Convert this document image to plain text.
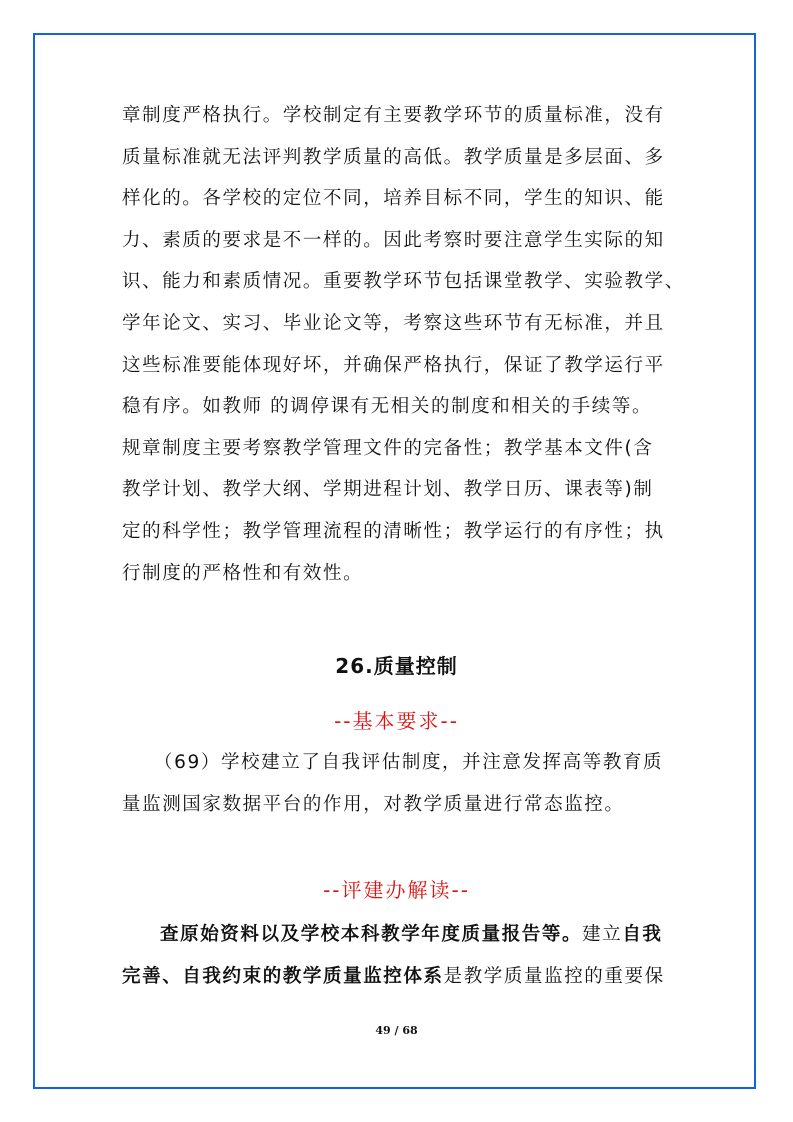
章制度严格执行。学校制定有主要教学环节的质量标准，没有
质量标准就无法评判教学质量的高低。教学质量是多层面、多
样化的。各学校的定位不同，培养目标不同，学生的知识、能
力、素质的要求是不一样的。因此考察时要注意学生实际的知
识、能力和素质情况。重要教学环节包括课堂教学、实验教学、
学年论文、实习、毕业论文等，考察这些环节有无标准，并且
这些标准要能体现好坏，并确保严格执行，保证了教学运行平
稳有序。如教师 的调停课有无相关的制度和相关的手续等。
规章制度主要考察教学管理文件的完备性；教学基本文件(含
教学计划、教学大纲、学期进程计划、教学日历、课表等)制
定的科学性；教学管理流程的清晰性；教学运行的有序性；执
行制度的严格性和有效性。
26.质量控制
--基本要求--
（69）学校建立了自我评估制度，并注意发挥高等教育质
量监测国家数据平台的作用，对教学质量进行常态监控。
--评建办解读--
查原始资料以及学校本科教学年度质量报告等。建立自我
完善、自我约束的教学质量监控体系是教学质量监控的重要保
49 / 68
